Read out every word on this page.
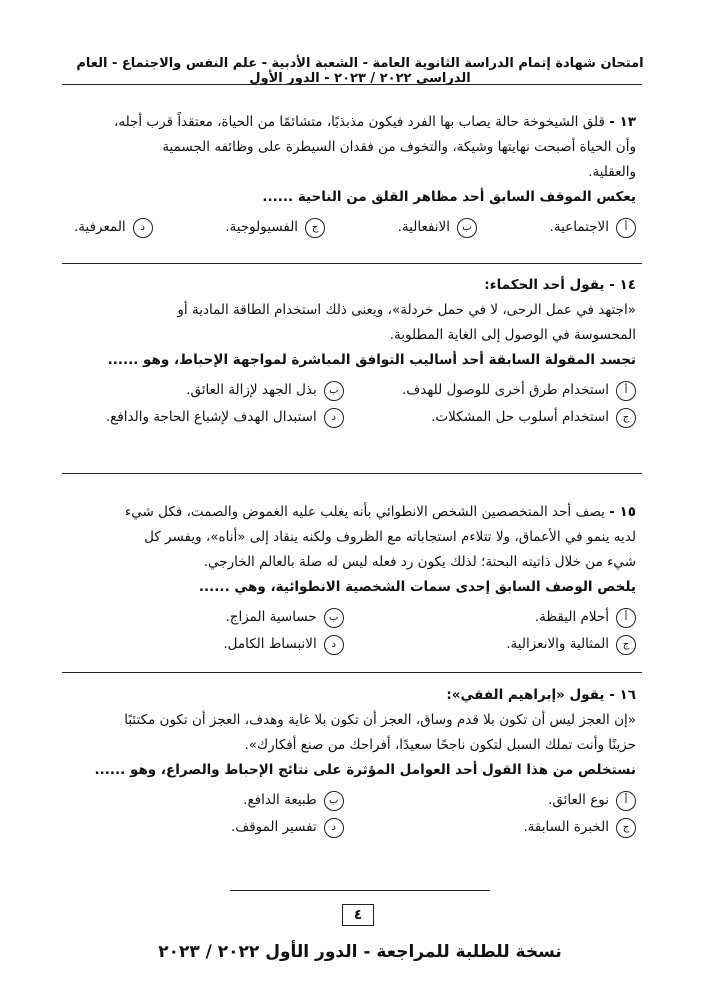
امتحان شهادة إتمام الدراسة الثانوية العامة - الشعبة الأدبية - علم النفس والاجتماع - العام الدراسي ٢٠٢٢ / ٢٠٢٣ - الدور الأول

١٣ - قلق الشيخوخة حالة يصاب بها الفرد فيكون مذبذبًا، متشائمًا من الحياة، معتقداً قرب أجله،

وأن الحياة أصبحت نهايتها وشيكة، والتخوف من فقدان السيطرة على وظائفه الجسمية

والعقلية.

يعكس الموقف السابق أحد مظاهر القلق من الناحية ......

أ
الاجتماعية.
ب
الانفعالية.
ج
الفسيولوجية.
د
المعرفية.

١٤ - يقول أحد الحكماء:

«اجتهد في عمل الرحى، لا في حمل خردلة»، ويعنى ذلك استخدام الطاقة المادية أو

المحسوسة في الوصول إلى الغاية المطلوبة.

تجسد المقولة السابقة أحد أساليب التوافق المباشرة لمواجهة الإحباط، وهو ......

أ
استخدام طرق أخرى للوصول للهدف.
ب
بذل الجهد لإزالة العائق.
ج
استخدام أسلوب حل المشكلات.
د
استبدال الهدف لإشباع الحاجة والدافع.

١٥ - يصف أحد المتخصصين الشخص الانطوائي بأنه يغلب عليه الغموض والصمت، فكل شيء

لديه ينمو في الأعماق، ولا تتلاءم استجاباته مع الظروف ولكنه ينقاد إلى «أناه»، ويفسر كل

شيء من خلال ذاتيته البحتة؛ لذلك يكون رد فعله ليس له صلة بالعالم الخارجي.

يلخص الوصف السابق إحدى سمات الشخصية الانطوائية، وهي ......

أ
أحلام اليقظة.
ب
حساسية المزاج.
ج
المثالية والانعزالية.
د
الانبساط الكامل.

١٦ - يقول «إبراهيم الفقي»:

«إن العجز ليس أن تكون بلا قدم وساق، العجز أن تكون بلا غاية وهدف، العجز أن تكون مكتئبًا

حزينًا وأنت تملك السبل لتكون ناجحًا سعيدًا، أفراحك من صنع أفكارك».

نستخلص من هذا القول أحد العوامل المؤثرة على نتائج الإحباط والصراع، وهو ......

أ
نوع العائق.
ب
طبيعة الدافع.
ج
الخبرة السابقة.
د
تفسير الموقف.
٤
نسخة للطلبة للمراجعة - الدور الأول ٢٠٢٢ / ٢٠٢٣
